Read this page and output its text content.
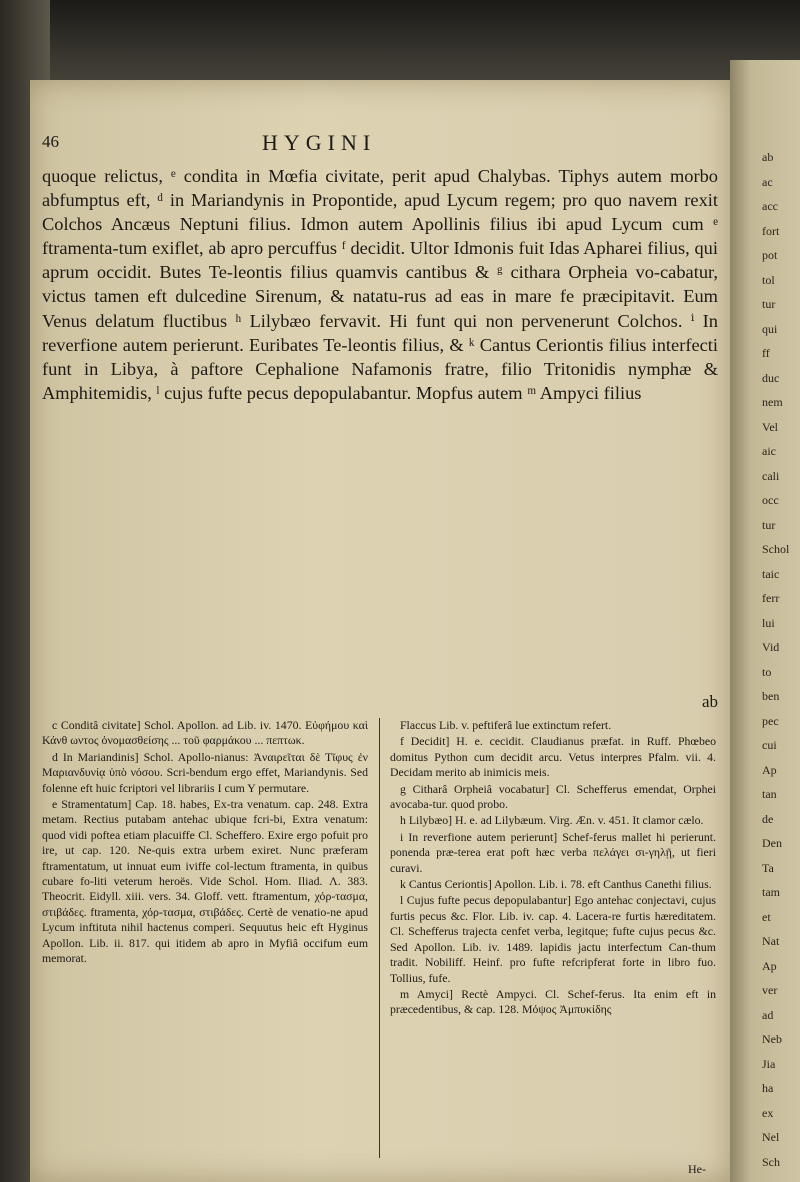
46	HYGINI

quoque relictus, ᵉ condita in Mœfia civitate, perit apud Chalybas. Tiphys autem morbo abfumptus eft, ᵈ in Mariandynis in Propontide, apud Lycum regem; pro quo navem rexit Colchos Ancæus Neptuni filius. Idmon autem Apollinis filius ibi apud Lycum cum ᵉ ftramenta-tum exiflet, ab apro percuffus ᶠ decidit. Ultor Idmonis fuit Idas Apharei filius, qui aprum occidit. Butes Te-leontis filius quamvis cantibus & ᵍ cithara Orpheia vo-cabatur, victus tamen eft dulcedine Sirenum, & natatu-rus ad eas in mare fe præcipitavit. Eum Venus delatum fluctibus ʰ Lilybæo fervavit. Hi funt qui non pervenerunt Colchos. ⁱ In reverfione autem perierunt. Euribates Te-leontis filius, & ᵏ Cantus Ceriontis filius interfecti funt in Libya, à paftore Cephalione Nafamonis fratre, filio Tritonidis nymphæ & Amphitemidis, ˡ cujus fufte pecus depopulabantur. Mopfus autem ᵐ Ampyci filius

ab

c Conditâ civitate] Schol. Apollon. ad Lib. iv. 1470. Εὐφήμου καὶ Κάνθ ωντος ὀνομασθείσης ... τοῦ φαρμάκου ... πεπτωκ.

d In Mariandinis] Schol. Apollo-nianus: Ἀναιρεῖται δὲ Τῖφυς ἐν Μαριανδυνίᾳ ὑπὸ νόσου. Scri-bendum ergo effet, Mariandynis. Sed folenne eft huic fcriptori vel librariis I cum Y permutare.

e Stramentatum] Cap. 18. habes, Ex-tra venatum. cap. 248. Extra metam. Rectius putabam antehac ubique fcri-bi, Extra venatum: quod vidi poftea etiam placuiffe Cl. Scheffero. Exire ergo pofuit pro ire, ut cap. 120. Ne-quis extra urbem exiret. Nunc præferam ftramentatum, ut innuat eum iviffe col-lectum ftramenta, in quibus cubare fo-liti veterum heroës. Vide Schol. Hom. Iliad. Λ. 383. Theocrit. Eidyll. xiii. vers. 34. Gloff. vett. ftramentum, χόρ-τασμα, στιβάδες. ftramenta, χόρ-τασμα, στιβάδες. Certè de venatio-ne apud Lycum inftituta nihil hactenus comperi. Sequutus heic eft Hyginus Apollon. Lib. ii. 817. qui itidem ab apro in Myfiâ occifum eum memorat.

Flaccus Lib. v. peftiferâ lue extinctum refert.

f Decidit] H. e. cecidit. Claudianus præfat. in Ruff. Phœbeo domitus Python cum decidit arcu. Vetus interpres Pfalm. vii. 4. Decidam merito ab inimicis meis.

g Citharâ Orpheiâ vocabatur] Cl. Schefferus emendat, Orphei avocaba-tur. quod probo.

h Lilybæo] H. e. ad Lilybæum. Virg. Æn. v. 451. It clamor cælo.

i In reverfione autem perierunt] Schef-ferus mallet hi perierunt. ponenda præ-terea erat poft hæc verba πελάγει σι-γηλῇ, ut fieri curavi.

k Cantus Ceriontis] Apollon. Lib. i. 78. eft Canthus Canethi filius.

l Cujus fufte pecus depopulabantur] Ego antehac conjectavi, cujus furtis pecus &c. Flor. Lib. iv. cap. 4. Lacera-re furtis hæreditatem. Cl. Schefferus trajecta cenfet verba, legitque; fufte cujus pecus &c. Sed Apollon. Lib. iv. 1489. lapidis jactu interfectum Can-thum tradit. Nobiliff. Heinf. pro fufte refcripferat forte in libro fuo. Tollius, fufe.

m Amyci] Rectè Ampyci. Cl. Schef-ferus. Ita enim eft in præcedentibus, & cap. 128. Μόψος Ἀμπυκίδης

He-
ab
ac
acc
fort
pot
tol
tur
qui
ff
duc
nem
Vel
aic
cali
occ
tur
Schol
taic
ferr
lui
Vid
to
ben
pec
cui
Ap
tan
de
Den
Ta
tam
et
Nat
Ap
ver
ad
Neb
Jia
ha
ex
Nel
Sch
